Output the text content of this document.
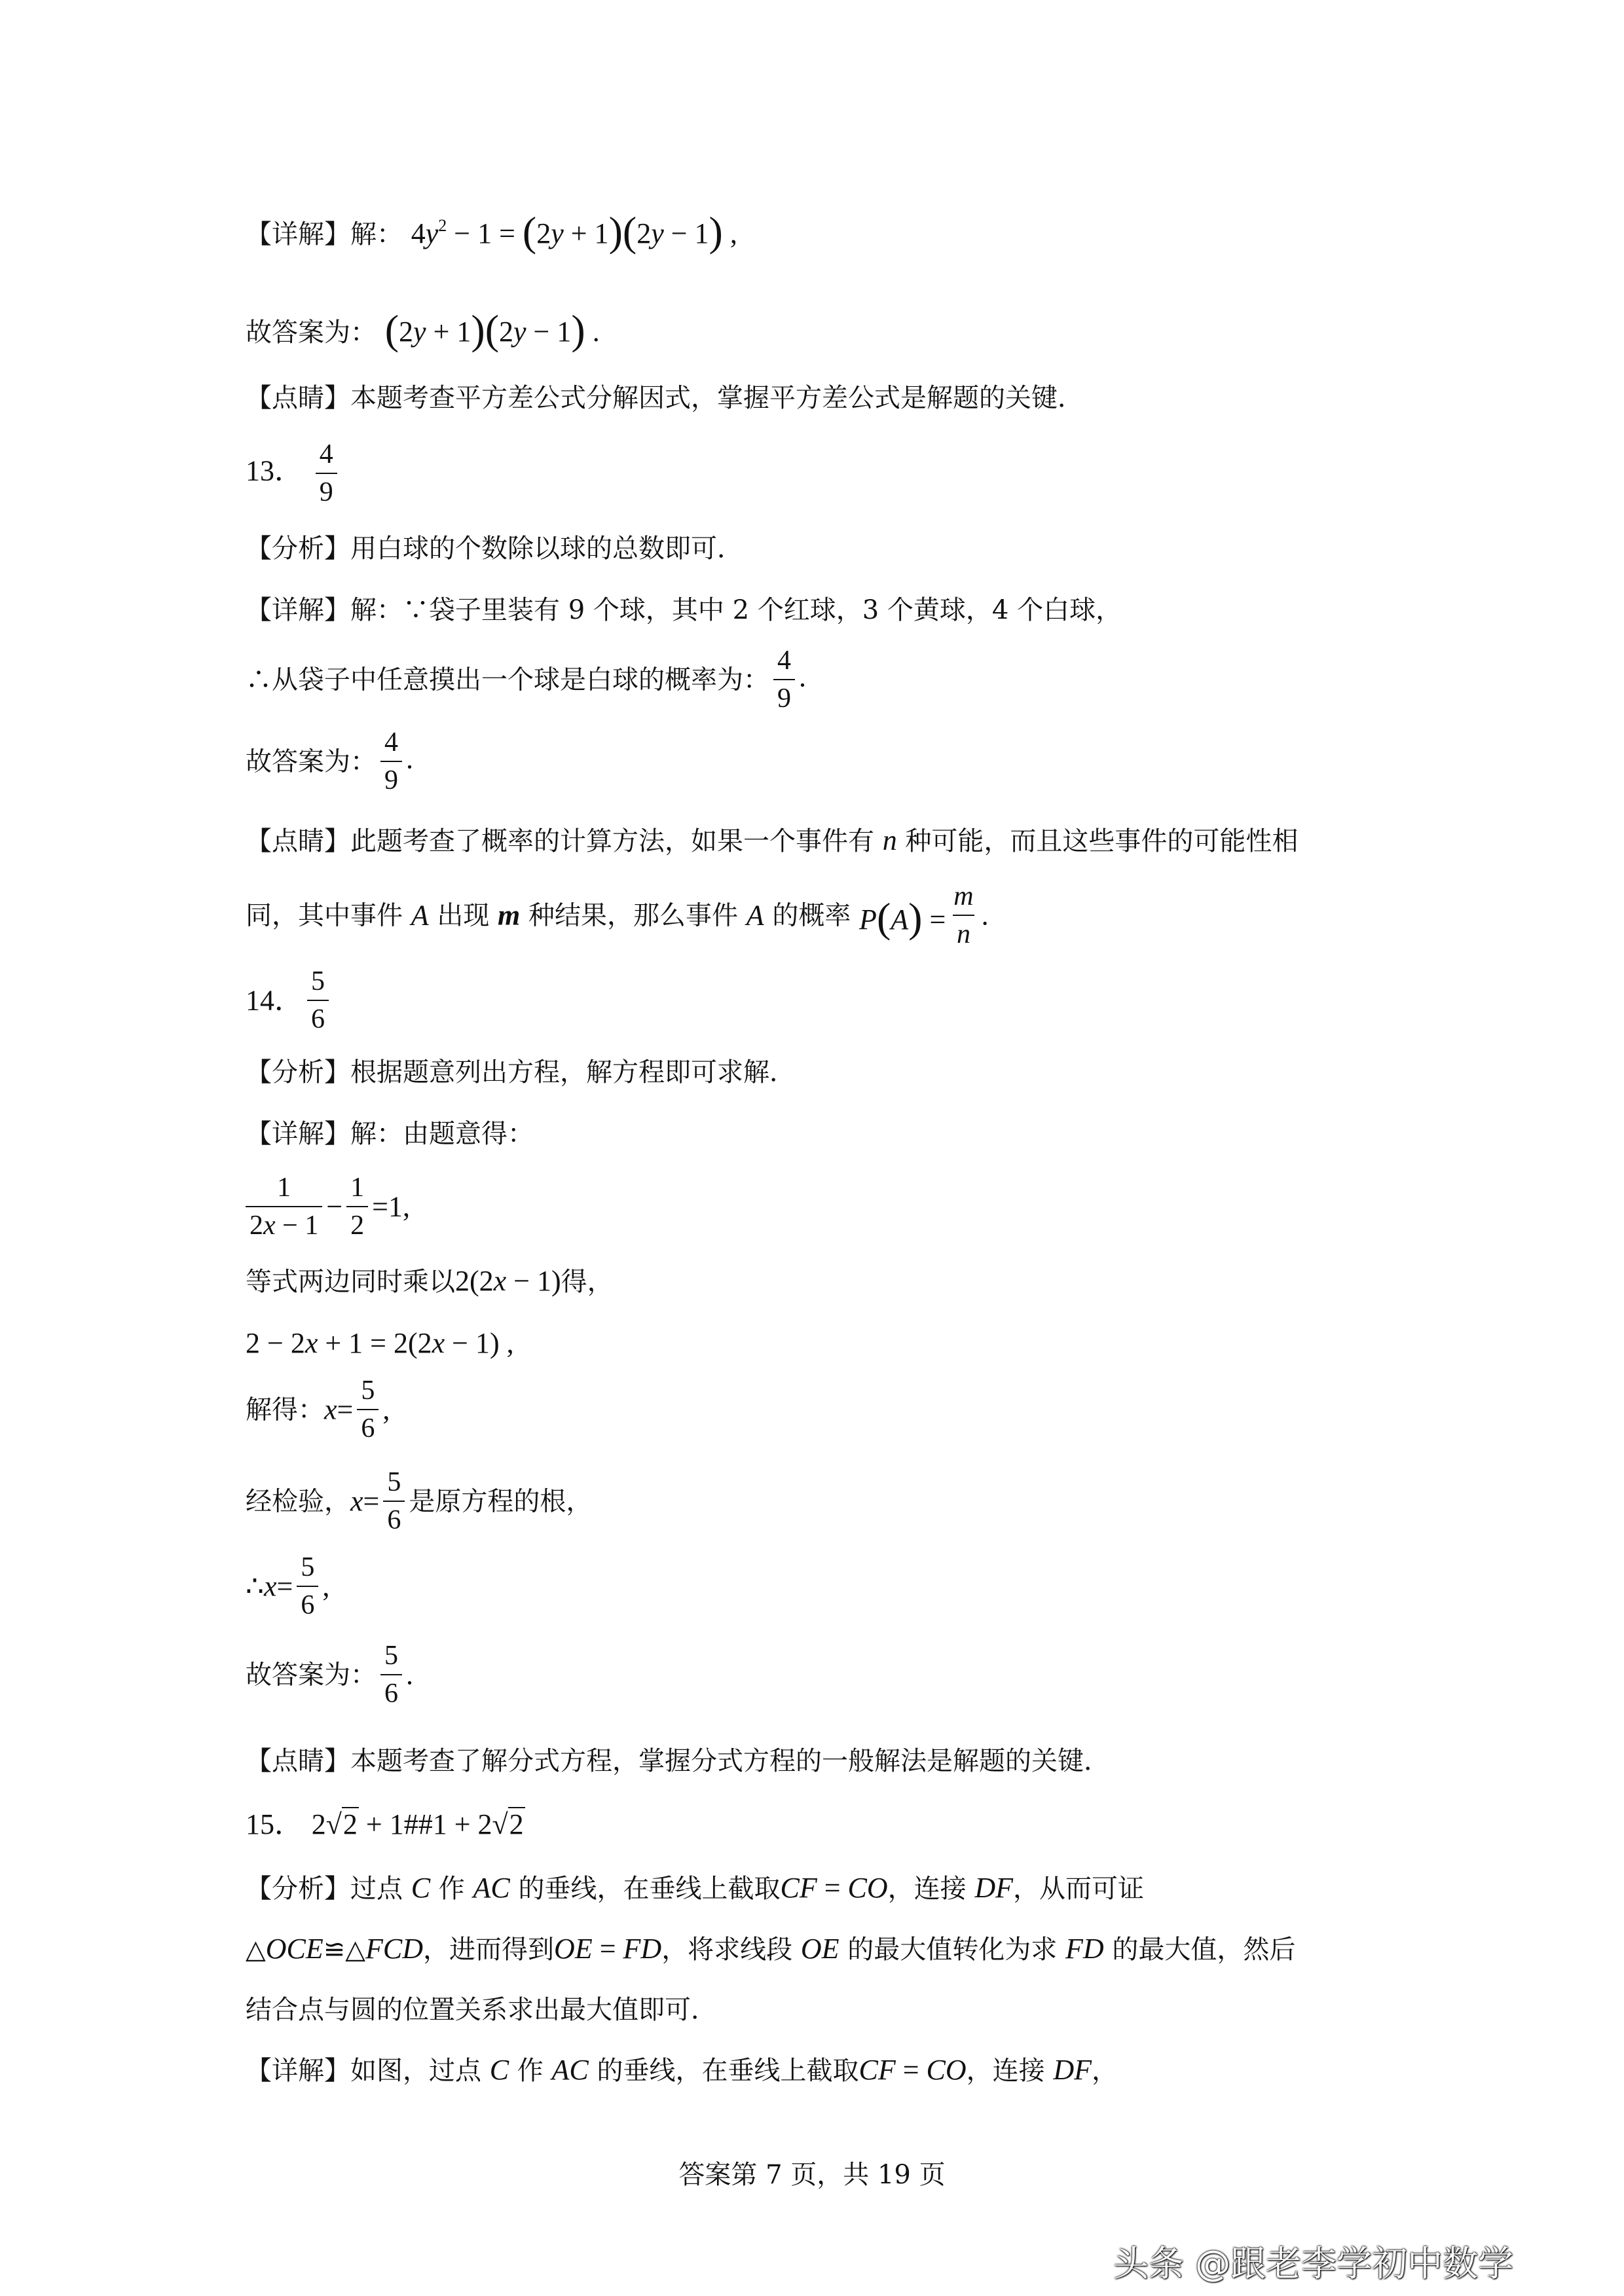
【详解】解： $4y^2 - 1 = (2y + 1)(2y - 1)$ ,
故答案为： (2y + 1)(2y − 1) .
【点睛】本题考查平方差公式分解因式，掌握平方差公式是解题的关键．
13． $\frac{4}{9}$
【分析】用白球的个数除以球的总数即可．
【详解】解：∵袋子里装有 9 个球，其中 2 个红球，3 个黄球，4 个白球，
∴从袋子中任意摸出一个球是白球的概率为： $\frac{4}{9}$ .
故答案为： $\frac{4}{9}$ .
【点睛】此题考查了概率的计算方法，如果一个事件有 n 种可能，而且这些事件的可能性相
同，其中事件 A 出现 m 种结果，那么事件 A 的概率 $P(A) = \frac{m}{n}$ .
14． $\frac{5}{6}$
【分析】根据题意列出方程，解方程即可求解．
【详解】解：由题意得：
$\frac{1}{2x - 1} - \frac{1}{2} =1$,
等式两边同时乘以2(2x − 1)得，
2 − 2x + 1 = 2(2x − 1) ,
解得：$x= \frac{5}{6}$ ,
经检验，$x= \frac{5}{6}$ 是原方程的根，
∴x= $\frac{5}{6}$ ,
故答案为： $\frac{5}{6}$ .
【点睛】本题考查了解分式方程，掌握分式方程的一般解法是解题的关键．
15． 2√2 + 1##1 + 2√2
【分析】过点 C 作 AC 的垂线，在垂线上截取CF = CO，连接 DF，从而可证
△OCE≌△FCD，进而得到OE = FD，将求线段 OE 的最大值转化为求 FD 的最大值，然后
结合点与圆的位置关系求出最大值即可．
【详解】如图，过点 C 作 AC 的垂线，在垂线上截取CF = CO，连接 DF，
答案第 7 页，共 19 页
头条 @跟老李学初中数学
